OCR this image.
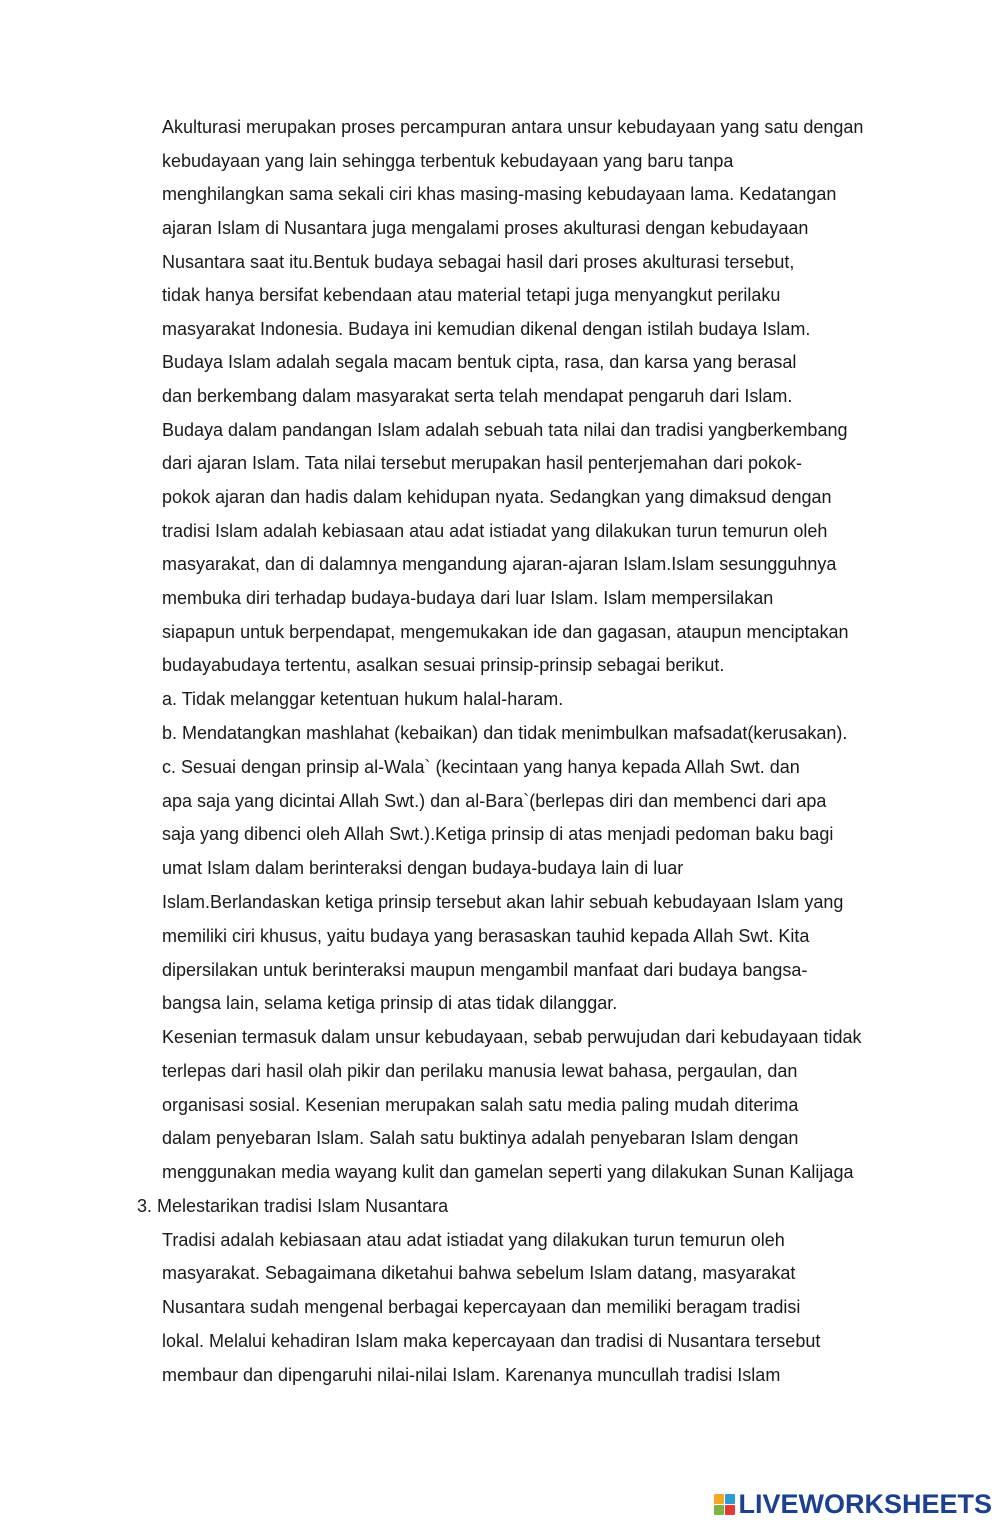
Akulturasi merupakan proses percampuran antara unsur kebudayaan yang satu dengan
kebudayaan yang lain sehingga terbentuk kebudayaan yang baru tanpa
menghilangkan sama sekali ciri khas masing-masing kebudayaan lama. Kedatangan
ajaran Islam di Nusantara juga mengalami proses akulturasi dengan kebudayaan
Nusantara saat itu.Bentuk budaya sebagai hasil dari proses akulturasi tersebut,
tidak hanya bersifat kebendaan atau material tetapi juga menyangkut perilaku
masyarakat Indonesia. Budaya ini kemudian dikenal dengan istilah budaya Islam.
Budaya Islam adalah segala macam bentuk cipta, rasa, dan karsa yang berasal
dan berkembang dalam masyarakat serta telah mendapat pengaruh dari Islam.
Budaya dalam pandangan Islam adalah sebuah tata nilai dan tradisi yangberkembang
dari ajaran Islam. Tata nilai tersebut merupakan hasil penterjemahan dari pokok-
pokok ajaran dan hadis dalam kehidupan nyata. Sedangkan yang dimaksud dengan
tradisi Islam adalah kebiasaan atau adat istiadat yang dilakukan turun temurun oleh
masyarakat, dan di dalamnya mengandung ajaran-ajaran Islam.Islam sesungguhnya
membuka diri terhadap budaya-budaya dari luar Islam. Islam mempersilakan
siapapun untuk berpendapat, mengemukakan ide dan gagasan, ataupun menciptakan
budayabudaya tertentu, asalkan sesuai prinsip-prinsip sebagai berikut.
a. Tidak melanggar ketentuan hukum halal-haram.
b. Mendatangkan mashlahat (kebaikan) dan tidak menimbulkan mafsadat(kerusakan).
c. Sesuai dengan prinsip al-Wala` (kecintaan yang hanya kepada Allah Swt. dan
apa saja yang dicintai Allah Swt.) dan al-Bara`(berlepas diri dan membenci dari apa
saja yang dibenci oleh Allah Swt.).Ketiga prinsip di atas menjadi pedoman baku bagi
umat Islam dalam berinteraksi dengan budaya-budaya lain di luar
Islam.Berlandaskan ketiga prinsip tersebut akan lahir sebuah kebudayaan Islam yang
memiliki ciri khusus, yaitu budaya yang berasaskan tauhid kepada Allah Swt. Kita
dipersilakan untuk berinteraksi maupun mengambil manfaat dari budaya bangsa-
bangsa lain, selama ketiga prinsip di atas tidak dilanggar.
Kesenian termasuk dalam unsur kebudayaan, sebab perwujudan dari kebudayaan tidak
terlepas dari hasil olah pikir dan perilaku manusia lewat bahasa, pergaulan, dan
organisasi sosial. Kesenian merupakan salah satu media paling mudah diterima
dalam penyebaran Islam. Salah satu buktinya adalah penyebaran Islam dengan
menggunakan media wayang kulit dan gamelan seperti yang dilakukan Sunan Kalijaga
3. Melestarikan tradisi Islam Nusantara
Tradisi adalah kebiasaan atau adat istiadat yang dilakukan turun temurun oleh
masyarakat. Sebagaimana diketahui bahwa sebelum Islam datang, masyarakat
Nusantara sudah mengenal berbagai kepercayaan dan memiliki beragam tradisi
lokal. Melalui kehadiran Islam maka kepercayaan dan tradisi di Nusantara tersebut
membaur dan dipengaruhi nilai-nilai Islam. Karenanya muncullah tradisi Islam
LIVEWORKSHEETS
